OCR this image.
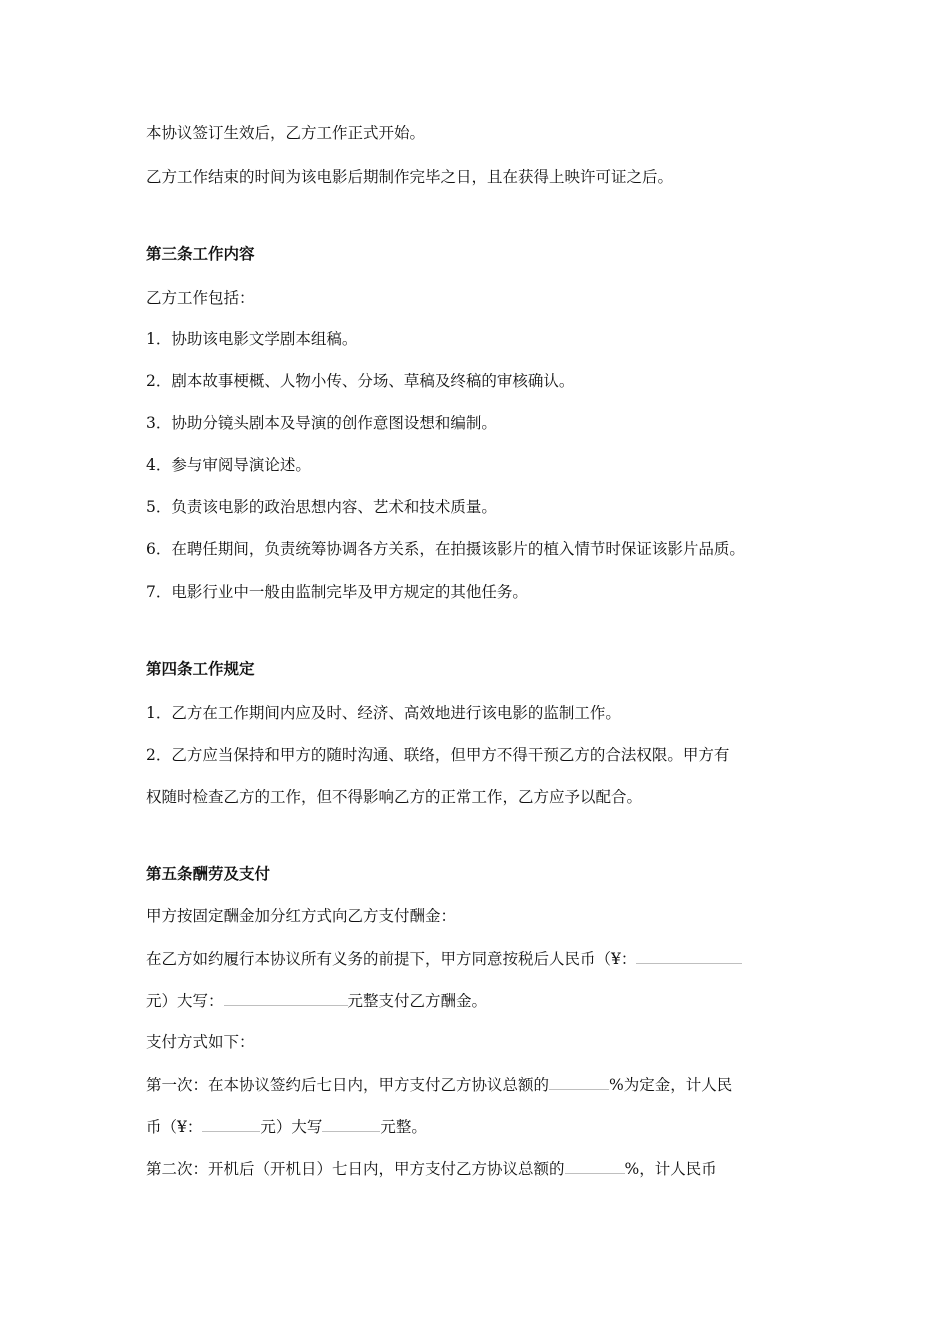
本协议签订生效后，乙方工作正式开始。
乙方工作结束的时间为该电影后期制作完毕之日，且在获得上映许可证之后。
第三条工作内容
乙方工作包括：
1．协助该电影文学剧本组稿。
2．剧本故事梗概、人物小传、分场、草稿及终稿的审核确认。
3．协助分镜头剧本及导演的创作意图设想和编制。
4．参与审阅导演论述。
5．负责该电影的政治思想内容、艺术和技术质量。
6．在聘任期间，负责统筹协调各方关系，在拍摄该影片的植入情节时保证该影片品质。
7．电影行业中一般由监制完毕及甲方规定的其他任务。
第四条工作规定
1．乙方在工作期间内应及时、经济、高效地进行该电影的监制工作。
2．乙方应当保持和甲方的随时沟通、联络，但甲方不得干预乙方的合法权限。甲方有
权随时检查乙方的工作，但不得影响乙方的正常工作，乙方应予以配合。
第五条酬劳及支付
甲方按固定酬金加分红方式向乙方支付酬金：
在乙方如约履行本协议所有义务的前提下，甲方同意按税后人民币（¥：
元）大写：	元整支付乙方酬金。
支付方式如下：
第一次：在本协议签约后七日内，甲方支付乙方协议总额的	%为定金，计人民
币（¥：	元）大写	元整。
第二次：开机后（开机日）七日内，甲方支付乙方协议总额的	%，计人民币
